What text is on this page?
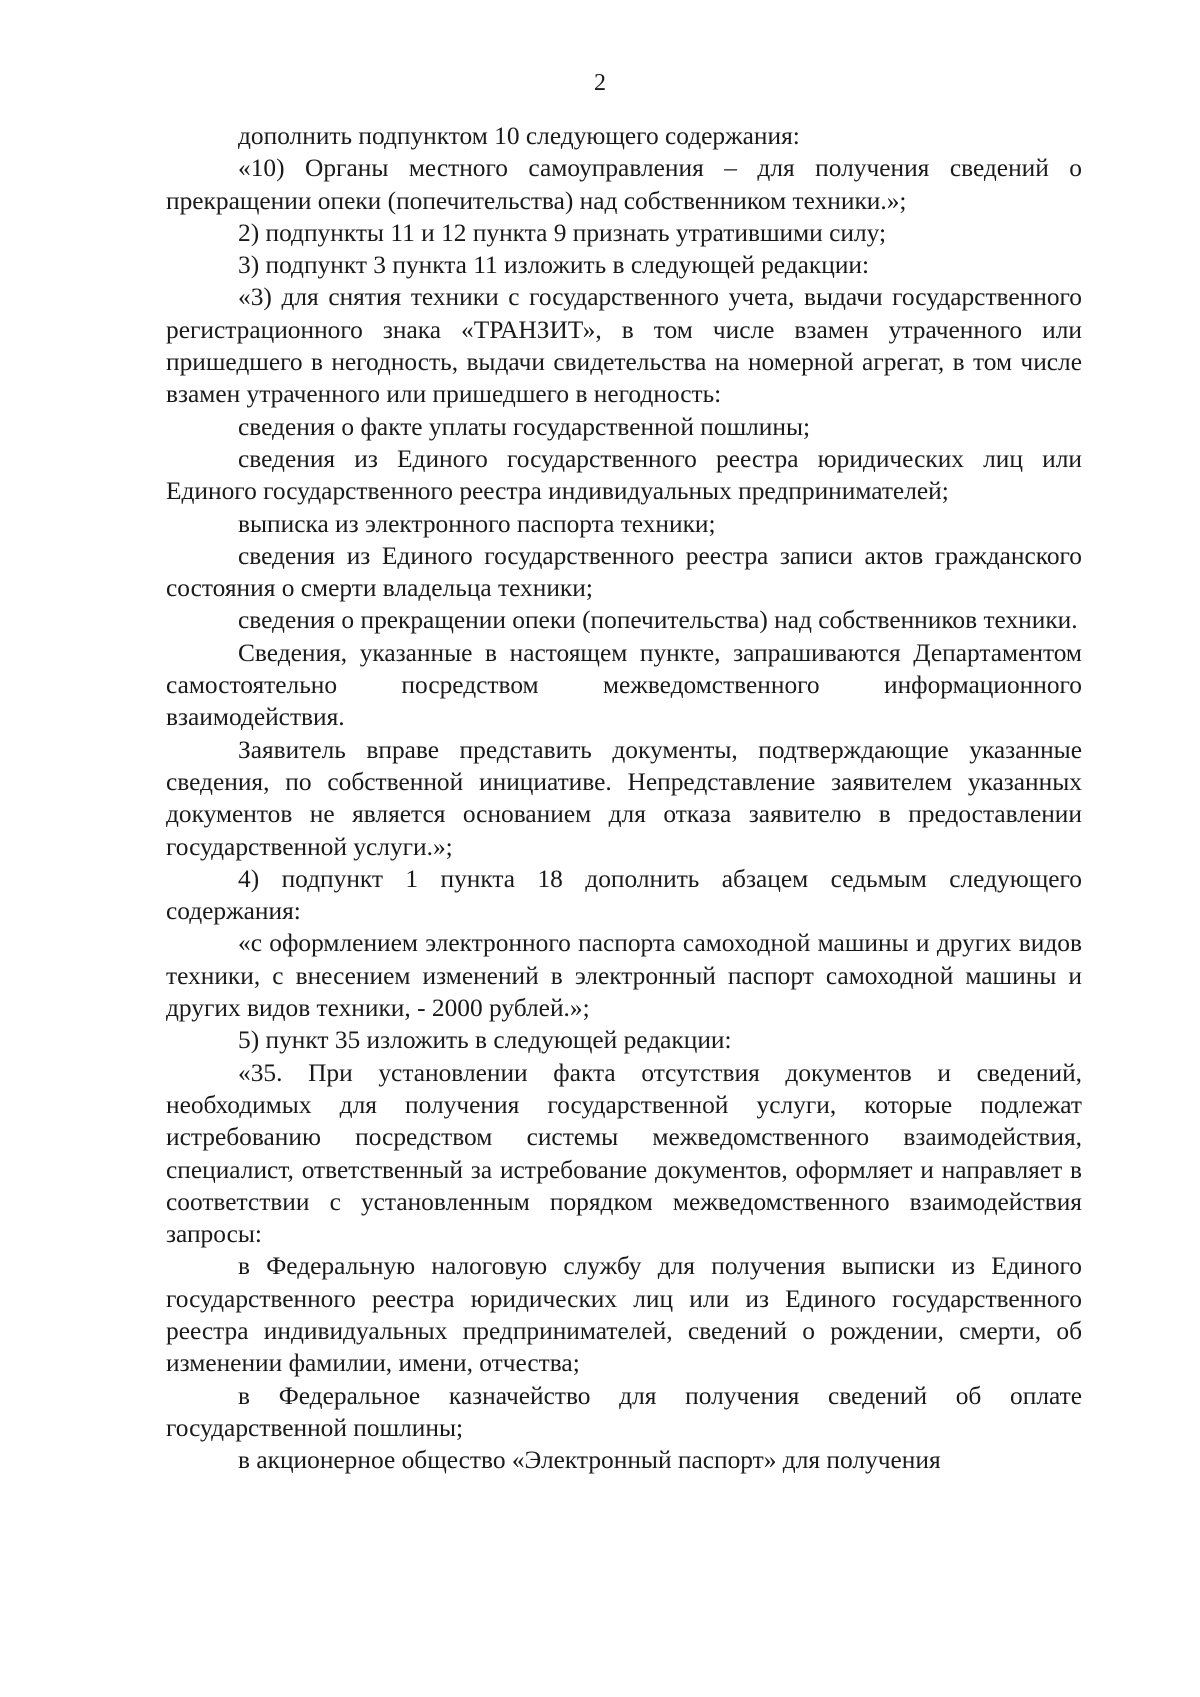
2

дополнить подпунктом 10 следующего содержания:

«10) Органы местного самоуправления – для получения сведений о прекращении опеки (попечительства) над собственником техники.»;

2) подпункты 11 и 12 пункта 9 признать утратившими силу;

3) подпункт 3 пункта 11 изложить в следующей редакции:

«3) для снятия техники с государственного учета, выдачи государственного регистрационного знака «ТРАНЗИТ», в том числе взамен утраченного или пришедшего в негодность, выдачи свидетельства на номерной агрегат, в том числе взамен утраченного или пришедшего в негодность:

сведения о факте уплаты государственной пошлины;

сведения из Единого государственного реестра юридических лиц или Единого государственного реестра индивидуальных предпринимателей;

выписка из электронного паспорта техники;

сведения из Единого государственного реестра записи актов гражданского состояния о смерти владельца техники;

сведения о прекращении опеки (попечительства) над собственников техники.

Сведения, указанные в настоящем пункте, запрашиваются Департаментом самостоятельно посредством межведомственного информационного взаимодействия.

Заявитель вправе представить документы, подтверждающие указанные сведения, по собственной инициативе. Непредставление заявителем указанных документов не является основанием для отказа заявителю в предоставлении государственной услуги.»;

4) подпункт 1 пункта 18 дополнить абзацем седьмым следующего содержания:

«с оформлением электронного паспорта самоходной машины и других видов техники, с внесением изменений в электронный паспорт самоходной машины и других видов техники, - 2000 рублей.»;

5) пункт 35 изложить в следующей редакции:

«35. При установлении факта отсутствия документов и сведений, необходимых для получения государственной услуги, которые подлежат истребованию посредством системы межведомственного взаимодействия, специалист, ответственный за истребование документов, оформляет и направляет в соответствии с установленным порядком межведомственного взаимодействия запросы:

в Федеральную налоговую службу для получения выписки из Единого государственного реестра юридических лиц или из Единого государственного реестра индивидуальных предпринимателей, сведений о рождении, смерти, об изменении фамилии, имени, отчества;

в Федеральное казначейство для получения сведений об оплате государственной пошлины;

в акционерное общество «Электронный паспорт» для получения
